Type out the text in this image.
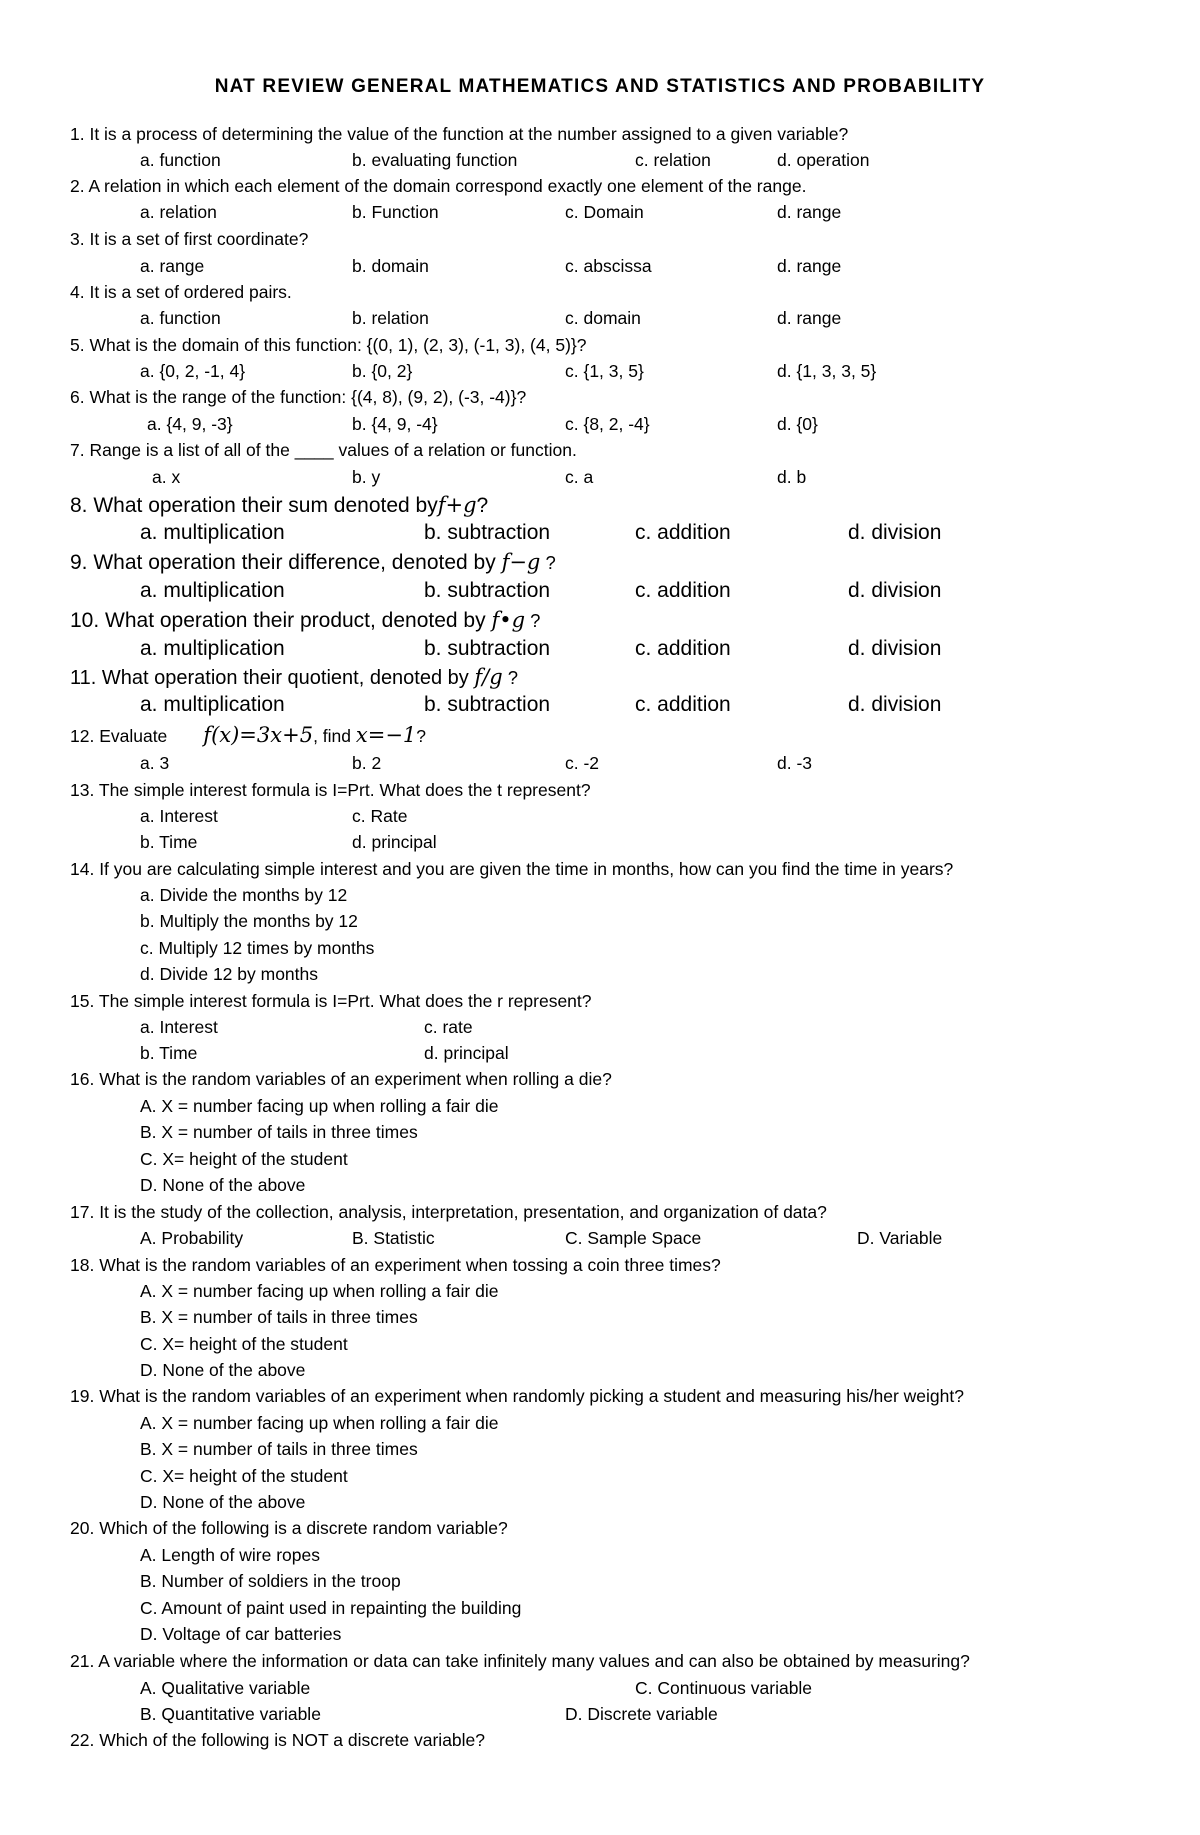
NAT REVIEW GENERAL MATHEMATICS AND STATISTICS AND PROBABILITY
1. It is a process of determining the value of the function at the number assigned to a given variable?
a. function	b. evaluating function	c. relation	d. operation
2. A relation in which each element of the domain correspond exactly one element of the range.
a. relation	b. Function	c. Domain	d. range
3. It is a set of first coordinate?
a. range	b. domain	c. abscissa	d. range
4. It is a set of ordered pairs.
a. function	b. relation	c. domain	d. range
5. What is the domain of this function: {(0, 1), (2, 3), (-1, 3), (4, 5)}?
a. {0, 2, -1, 4}	b. {0, 2}	c. {1, 3, 5}	d. {1, 3, 3, 5}
6. What is the range of the function: {(4, 8), (9, 2), (-3, -4)}?
a. {4, 9, -3}	b. {4, 9, -4}	c. {8, 2, -4}	d. {0}
7. Range is a list of all of the ____ values of a relation or function.
a. x	b. y	c. a	d. b
8. What operation their sum denoted byf+g?
a. multiplication	b. subtraction	c. addition	d. division
9. What operation their difference, denoted by f−g ?
a. multiplication	b. subtraction	c. addition	d. division
10. What operation their product, denoted by f•g ?
a. multiplication	b. subtraction	c. addition	d. division
11. What operation their quotient, denoted by f/g ?
a. multiplication	b. subtraction	c. addition	d. division
12. Evaluate f(x)=3x+5, find x=−1?
a. 3	b. 2	c. -2	d. -3
13. The simple interest formula is I=Prt. What does the t represent?
a. Interest	c. Rate
b. Time	d. principal
14. If you are calculating simple interest and you are given the time in months, how can you find the time in years?
a. Divide the months by 12
b. Multiply the months by 12
c. Multiply 12 times by months
d. Divide 12 by months
15. The simple interest formula is I=Prt. What does the r represent?
a. Interest	c. rate
b. Time	d. principal
16. What is the random variables of an experiment when rolling a die?
A. X = number facing up when rolling a fair die
B. X = number of tails in three times
C. X= height of the student
D. None of the above
17. It is the study of the collection, analysis, interpretation, presentation, and organization of data?
A. Probability	B. Statistic	C. Sample Space	D. Variable
18. What is the random variables of an experiment when tossing a coin three times?
A. X = number facing up when rolling a fair die
B. X = number of tails in three times
C. X= height of the student
D. None of the above
19. What is the random variables of an experiment when randomly picking a student and measuring his/her weight?
A. X = number facing up when rolling a fair die
B. X = number of tails in three times
C. X= height of the student
D. None of the above
20. Which of the following is a discrete random variable?
A. Length of wire ropes
B. Number of soldiers in the troop
C. Amount of paint used in repainting the building
D. Voltage of car batteries
21. A variable where the information or data can take infinitely many values and can also be obtained by measuring?
A. Qualitative variable	C. Continuous variable
B. Quantitative variable	D. Discrete variable
22. Which of the following is NOT a discrete variable?
